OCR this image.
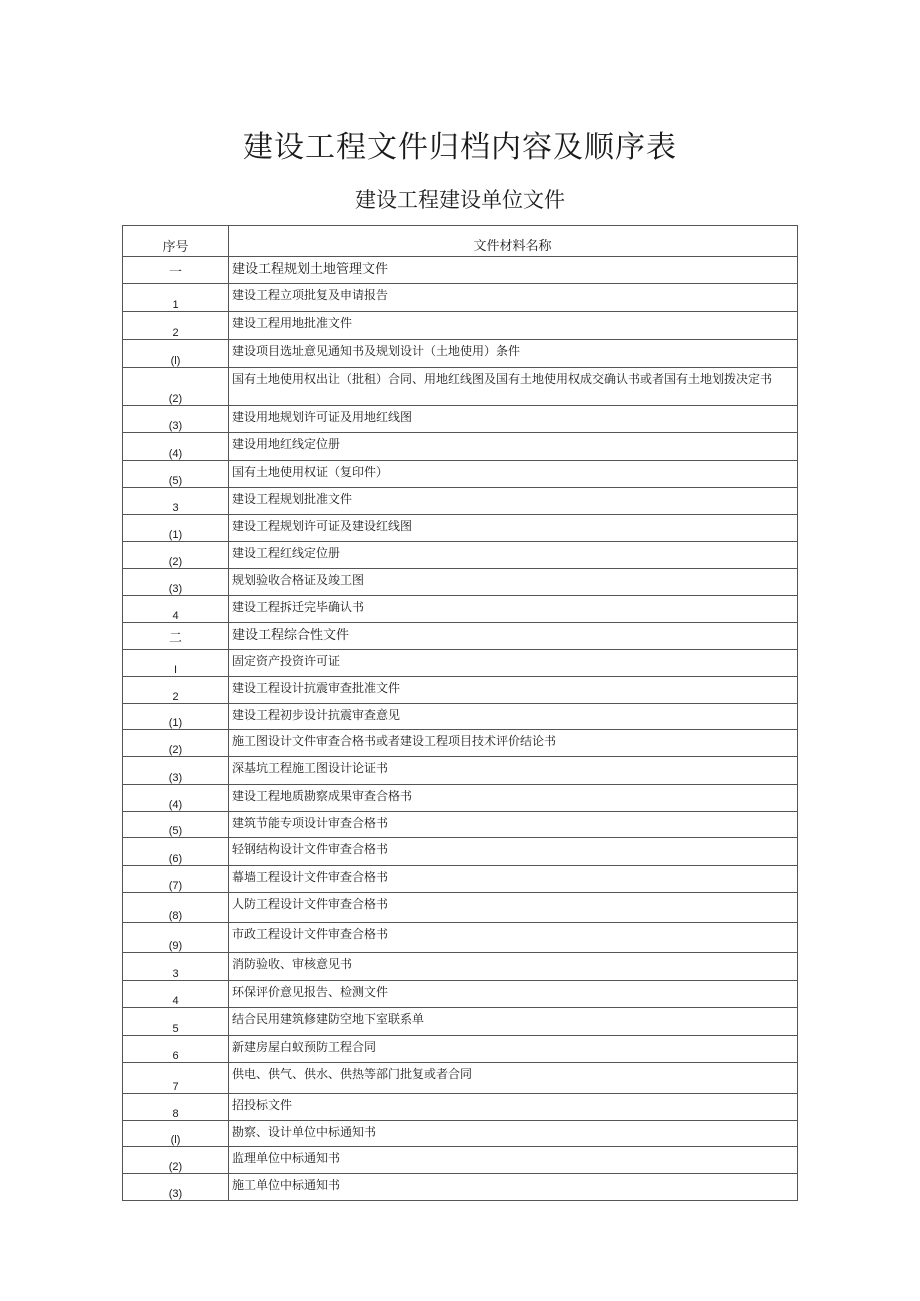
建设工程文件归档内容及顺序表
建设工程建设单位文件
序号	文件材料名称
一	建设工程规划土地管理文件
1	建设工程立项批复及申请报告
2	建设工程用地批准文件
(l)	建设项目选址意见通知书及规划设计（土地使用）条件
(2)	国有土地使用权出让（批租）合同、用地红线图及国有土地使用权成交确认书或者国有土地划拨决定书
(3)	建设用地规划许可证及用地红线图
(4)	建设用地红线定位册
(5)	国有土地使用权证（复印件）
3	建设工程规划批准文件
(1)	建设工程规划许可证及建设红线图
(2)	建设工程红线定位册
(3)	规划验收合格证及竣工图
4	建设工程拆迁完毕确认书
二	建设工程综合性文件
I	固定资产投资许可证
2	建设工程设计抗震审查批准文件
(1)	建设工程初步设计抗震审查意见
(2)	施工图设计文件审查合格书或者建设工程项目技术评价结论书
(3)	深基坑工程施工图设计论证书
(4)	建设工程地质勘察成果审查合格书
(5)	建筑节能专项设计审查合格书
(6)	轻钢结构设计文件审查合格书
(7)	幕墙工程设计文件审查合格书
(8)	人防工程设计文件审查合格书
(9)	市政工程设计文件审查合格书
3	消防验收、审核意见书
4	环保评价意见报告、检测文件
5	结合民用建筑修建防空地下室联系单
6	新建房屋白蚁预防工程合同
7	供电、供气、供水、供热等部门批复或者合同
8	招投标文件
(l)	勘察、设计单位中标通知书
(2)	监理单位中标通知书
(3)	施工单位中标通知书
